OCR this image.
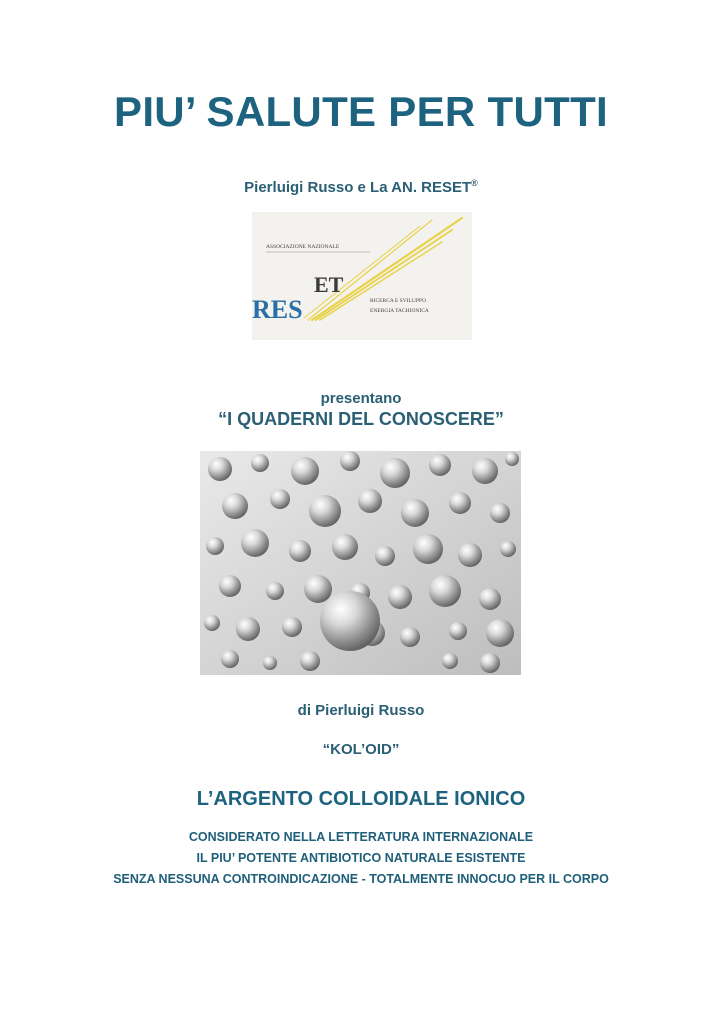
PIU’ SALUTE PER TUTTI
Pierluigi Russo e La AN. RESET®
ASSOCIAZIONE NAZIONALE
ET
RES	RICERCA E SVILUPPO
ENERGIA TACHIONICA
presentano
“I QUADERNI DEL CONOSCERE”
di Pierluigi Russo
“KOL’OID”
L’ARGENTO COLLOIDALE IONICO
CONSIDERATO NELLA LETTERATURA INTERNAZIONALE
IL PIU’ POTENTE ANTIBIOTICO NATURALE ESISTENTE
SENZA NESSUNA CONTROINDICAZIONE - TOTALMENTE INNOCUO PER IL CORPO
